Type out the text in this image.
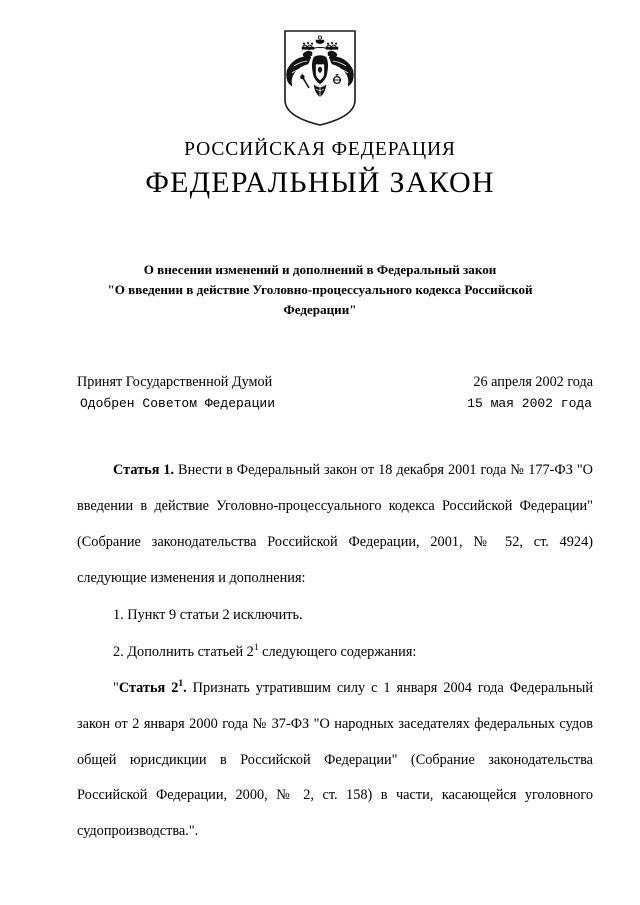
РОССИЙСКАЯ ФЕДЕРАЦИЯ
ФЕДЕРАЛЬНЫЙ ЗАКОН
О внесении изменений и дополнений в Федеральный закон
"О введении в действие Уголовно-процессуального кодекса Российской
Федерации"
Принят Государственной Думой	26 апреля 2002 года
Одобрен Советом Федерации	15 мая 2002 года

Статья 1. Внести в Федеральный закон от 18 декабря 2001 года № 177-ФЗ "О введении в действие Уголовно-процессуального кодекса Российской Федерации" (Собрание законодательства Российской Федерации, 2001, № 52, ст. 4924) следующие изменения и дополнения:

1. Пункт 9 статьи 2 исключить.

2. Дополнить статьей $2^1$ следующего содержания:

"Статья $2^1$. Признать утратившим силу с 1 января 2004 года Федеральный закон от 2 января 2000 года № 37-ФЗ "О народных заседателях федеральных судов общей юрисдикции в Российской Федерации" (Собрание законодательства Российской Федерации, 2000, № 2, ст. 158) в части, касающейся уголовного судопроизводства.".
